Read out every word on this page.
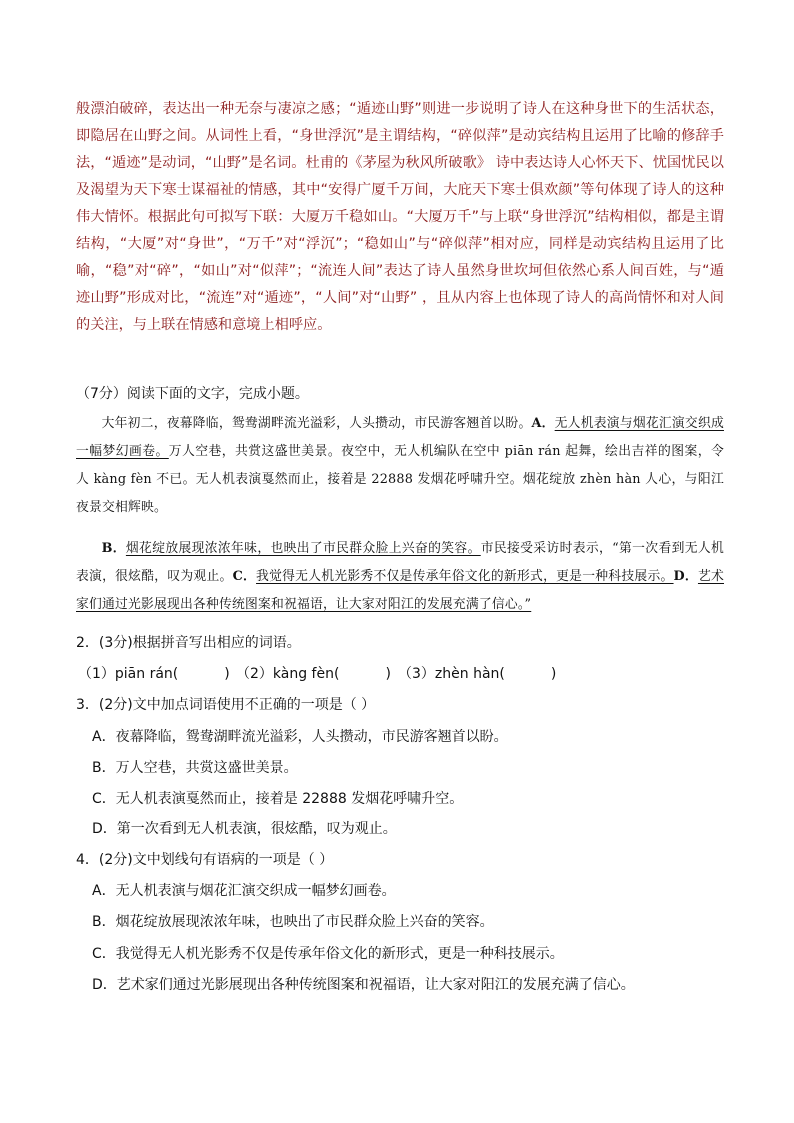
般漂泊破碎，表达出一种无奈与凄凉之感；“遁迹山野”则进一步说明了诗人在这种身世下的生活状态，即隐居在山野之间。从词性上看，“身世浮沉”是主谓结构，“碎似萍”是动宾结构且运用了比喻的修辞手法，“遁迹”是动词，“山野”是名词。杜甫的《茅屋为秋风所破歌》 诗中表达诗人心怀天下、忧国忧民以及渴望为天下寒士谋福祉的情感，其中“安得广厦千万间，大庇天下寒士俱欢颜”等句体现了诗人的这种伟大情怀。根据此句可拟写下联：大厦万千稳如山。“大厦万千”与上联“身世浮沉”结构相似，都是主谓结构，“大厦”对“身世”，“万千”对“浮沉”；“稳如山”与“碎似萍”相对应，同样是动宾结构且运用了比喻，“稳”对“碎”，“如山”对“似萍”；“流连人间”表达了诗人虽然身世坎坷但依然心系人间百姓，与“遁迹山野”形成对比，“流连”对“遁迹”，“人间”对“山野” ，且从内容上也体现了诗人的高尚情怀和对人间的关注，与上联在情感和意境上相呼应。

（7分）阅读下面的文字，完成小题。

大年初二，夜幕降临，鸳鸯湖畔流光溢彩，人头攒动，市民游客翘首以盼。A．无人机表演与烟花汇演交织成一幅梦幻画卷。万人空巷，共赏这盛世美景。夜空中，无人机编队在空中 piān rán 起舞，绘出吉祥的图案，令人 kàng fèn 不已。无人机表演戛然而止，接着是 22888 发烟花呼啸升空。烟花绽放 zhèn hàn 人心，与阳江夜景交相辉映。

B．烟花绽放展现浓浓年味，也映出了市民群众脸上兴奋的笑容。市民接受采访时表示，“第一次看到无人机表演，很炫酷，叹为观止。C．我觉得无人机光影秀不仅是传承年俗文化的新形式，更是一种科技展示。D．艺术家们通过光影展现出各种传统图案和祝福语，让大家对阳江的发展充满了信心。”

2．(3分)根据拼音写出相应的词语。
（1）piān rán(	) （2）kàng fèn(	) （3）zhèn hàn(	)
3．(2分)文中加点词语使用不正确的一项是（ ）
A．夜幕降临，鸳鸯湖畔流光溢彩，人头攒动，市民游客翘首以盼。
B．万人空巷，共赏这盛世美景。
C．无人机表演戛然而止，接着是 22888 发烟花呼啸升空。
D．第一次看到无人机表演，很炫酷，叹为观止。
4．(2分)文中划线句有语病的一项是（ ）
A．无人机表演与烟花汇演交织成一幅梦幻画卷。
B．烟花绽放展现浓浓年味，也映出了市民群众脸上兴奋的笑容。
C．我觉得无人机光影秀不仅是传承年俗文化的新形式，更是一种科技展示。
D．艺术家们通过光影展现出各种传统图案和祝福语，让大家对阳江的发展充满了信心。
